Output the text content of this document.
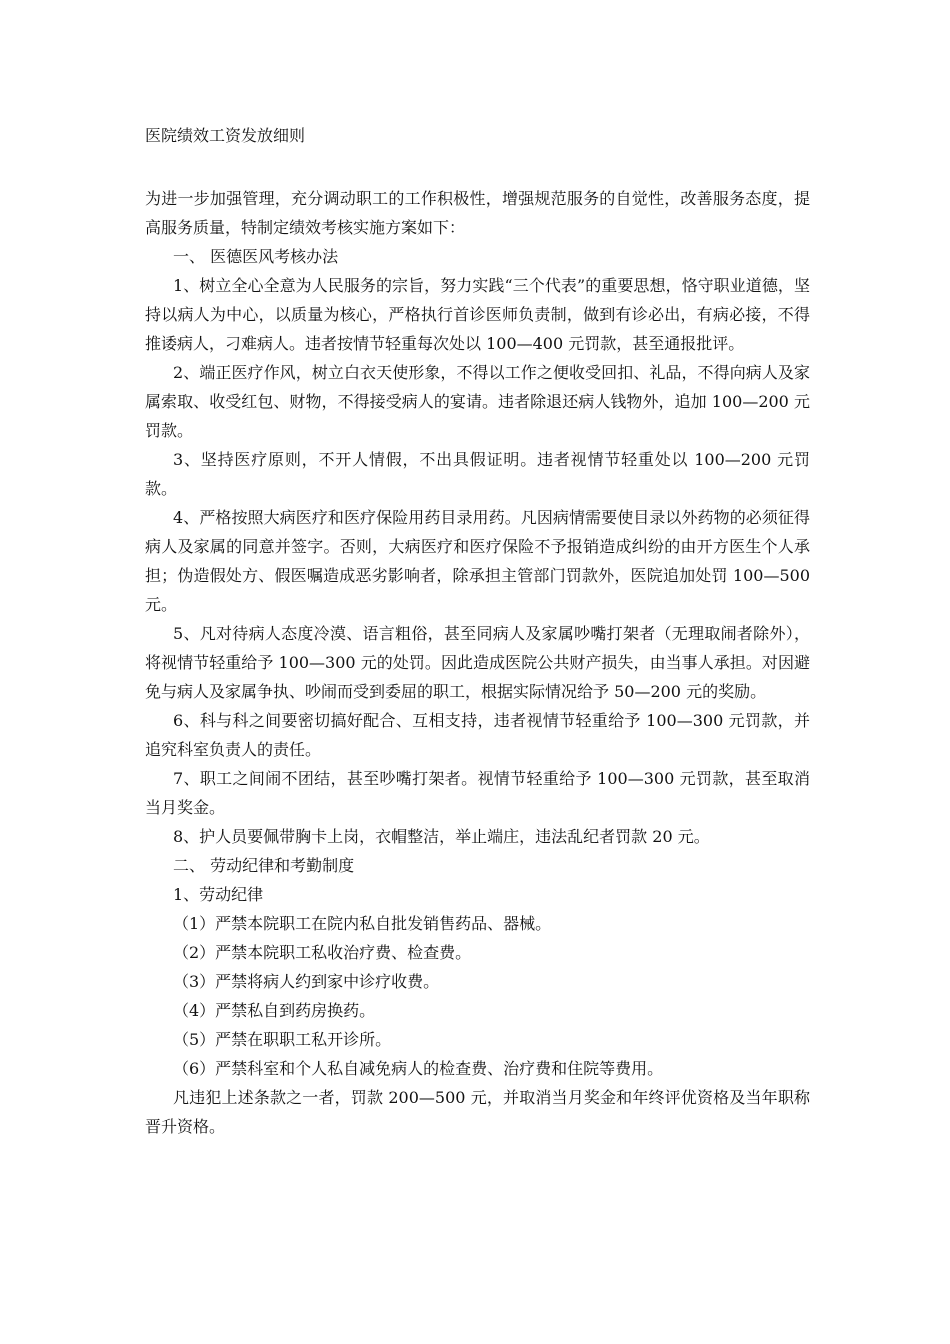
医院绩效工资发放细则

为进一步加强管理，充分调动职工的工作积极性，增强规范服务的自觉性，改善服务态度，提高服务质量，特制定绩效考核实施方案如下：

一、 医德医风考核办法

1、树立全心全意为人民服务的宗旨，努力实践“三个代表”的重要思想，恪守职业道德，坚持以病人为中心，以质量为核心，严格执行首诊医师负责制，做到有诊必出，有病必接，不得推诿病人，刁难病人。违者按情节轻重每次处以 100—400 元罚款，甚至通报批评。

2、端正医疗作风，树立白衣天使形象，不得以工作之便收受回扣、礼品，不得向病人及家属索取、收受红包、财物，不得接受病人的宴请。违者除退还病人钱物外，追加 100—200 元罚款。

3、坚持医疗原则，不开人情假，不出具假证明。违者视情节轻重处以 100—200 元罚款。

4、严格按照大病医疗和医疗保险用药目录用药。凡因病情需要使目录以外药物的必须征得病人及家属的同意并签字。否则，大病医疗和医疗保险不予报销造成纠纷的由开方医生个人承担；伪造假处方、假医嘱造成恶劣影响者，除承担主管部门罚款外，医院追加处罚 100—500 元。

5、凡对待病人态度冷漠、语言粗俗，甚至同病人及家属吵嘴打架者（无理取闹者除外），将视情节轻重给予 100—300 元的处罚。因此造成医院公共财产损失，由当事人承担。对因避免与病人及家属争执、吵闹而受到委屈的职工，根据实际情况给予 50—200 元的奖励。

6、科与科之间要密切搞好配合、互相支持，违者视情节轻重给予 100—300 元罚款，并追究科室负责人的责任。

7、职工之间闹不团结，甚至吵嘴打架者。视情节轻重给予 100—300 元罚款，甚至取消当月奖金。

8、护人员要佩带胸卡上岗，衣帽整洁，举止端庄，违法乱纪者罚款 20 元。

二、 劳动纪律和考勤制度

1、劳动纪律

（1）严禁本院职工在院内私自批发销售药品、器械。

（2）严禁本院职工私收治疗费、检查费。

（3）严禁将病人约到家中诊疗收费。

（4）严禁私自到药房换药。

（5）严禁在职职工私开诊所。

（6）严禁科室和个人私自减免病人的检查费、治疗费和住院等费用。

凡违犯上述条款之一者，罚款 200—500 元，并取消当月奖金和年终评优资格及当年职称晋升资格。
